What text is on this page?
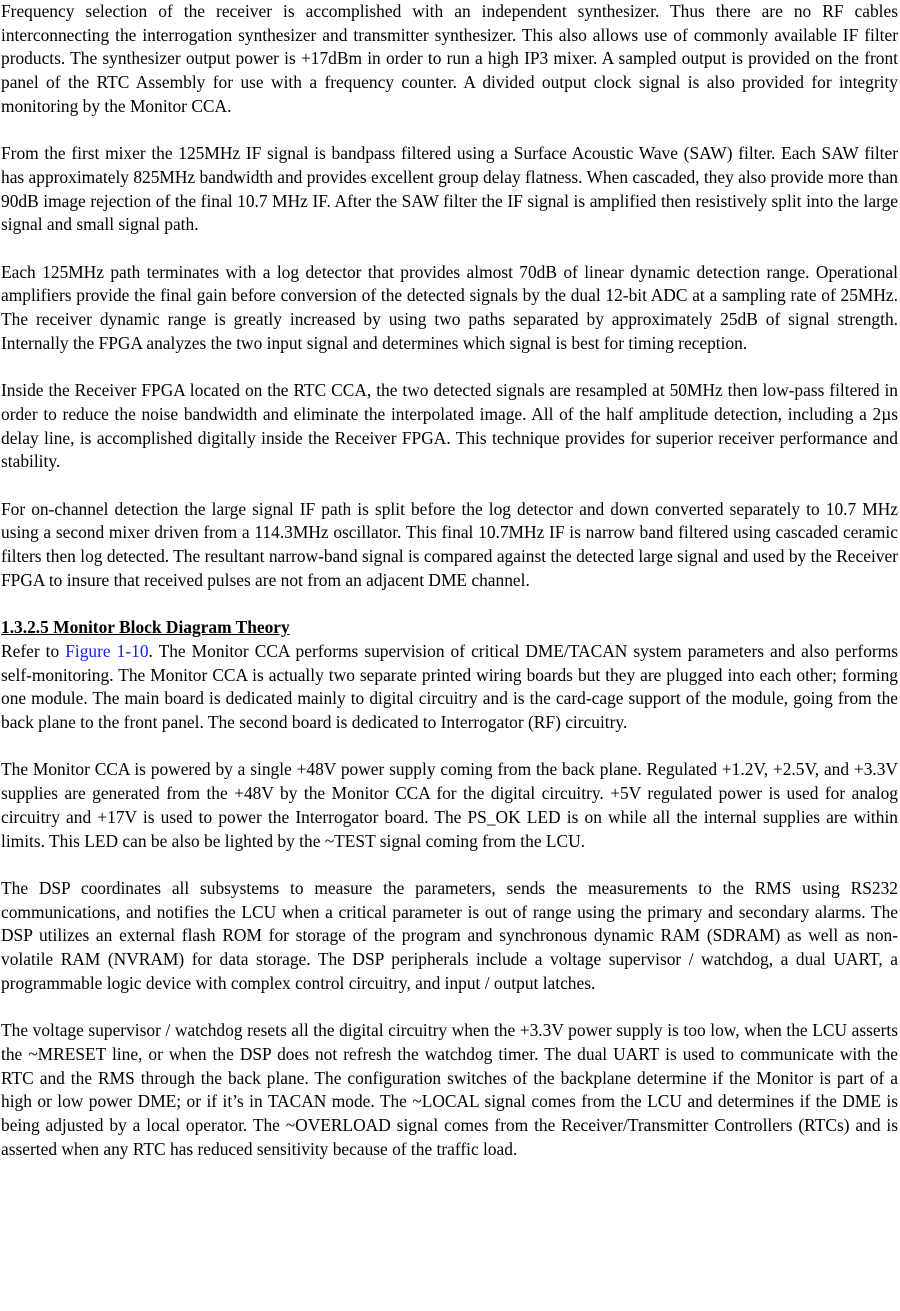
Frequency selection of the receiver is accomplished with an independent synthesizer. Thus there are no RF cables interconnecting the interrogation synthesizer and transmitter synthesizer. This also allows use of commonly available IF filter products. The synthesizer output power is +17dBm in order to run a high IP3 mixer. A sampled output is provided on the front panel of the RTC Assembly for use with a frequency counter. A divided output clock signal is also provided for integrity monitoring by the Monitor CCA.

From the first mixer the 125MHz IF signal is bandpass filtered using a Surface Acoustic Wave (SAW) filter. Each SAW filter has approximately 825MHz bandwidth and provides excellent group delay flatness. When cascaded, they also provide more than 90dB image rejection of the final 10.7 MHz IF. After the SAW filter the IF signal is amplified then resistively split into the large signal and small signal path.

Each 125MHz path terminates with a log detector that provides almost 70dB of linear dynamic detection range. Operational amplifiers provide the final gain before conversion of the detected signals by the dual 12-bit ADC at a sampling rate of 25MHz. The receiver dynamic range is greatly increased by using two paths separated by approximately 25dB of signal strength. Internally the FPGA analyzes the two input signal and determines which signal is best for timing reception.

Inside the Receiver FPGA located on the RTC CCA, the two detected signals are resampled at 50MHz then low-pass filtered in order to reduce the noise bandwidth and eliminate the interpolated image. All of the half amplitude detection, including a 2µs delay line, is accomplished digitally inside the Receiver FPGA. This technique provides for superior receiver performance and stability.

For on-channel detection the large signal IF path is split before the log detector and down converted separately to 10.7 MHz using a second mixer driven from a 114.3MHz oscillator. This final 10.7MHz IF is narrow band filtered using cascaded ceramic filters then log detected. The resultant narrow-band signal is compared against the detected large signal and used by the Receiver FPGA to insure that received pulses are not from an adjacent DME channel.

1.3.2.5 Monitor Block Diagram Theory

Refer to Figure 1-10. The Monitor CCA performs supervision of critical DME/TACAN system parameters and also performs self-monitoring. The Monitor CCA is actually two separate printed wiring boards but they are plugged into each other; forming one module. The main board is dedicated mainly to digital circuitry and is the card-cage support of the module, going from the back plane to the front panel. The second board is dedicated to Interrogator (RF) circuitry.

The Monitor CCA is powered by a single +48V power supply coming from the back plane. Regulated +1.2V, +2.5V, and +3.3V supplies are generated from the +48V by the Monitor CCA for the digital circuitry. +5V regulated power is used for analog circuitry and +17V is used to power the Interrogator board. The PS_OK LED is on while all the internal supplies are within limits. This LED can be also be lighted by the ~TEST signal coming from the LCU.

The DSP coordinates all subsystems to measure the parameters, sends the measurements to the RMS using RS232 communications, and notifies the LCU when a critical parameter is out of range using the primary and secondary alarms. The DSP utilizes an external flash ROM for storage of the program and synchronous dynamic RAM (SDRAM) as well as non-volatile RAM (NVRAM) for data storage. The DSP peripherals include a voltage supervisor / watchdog, a dual UART, a programmable logic device with complex control circuitry, and input / output latches.

The voltage supervisor / watchdog resets all the digital circuitry when the +3.3V power supply is too low, when the LCU asserts the ~MRESET line, or when the DSP does not refresh the watchdog timer. The dual UART is used to communicate with the RTC and the RMS through the back plane. The configuration switches of the backplane determine if the Monitor is part of a high or low power DME; or if it’s in TACAN mode. The ~LOCAL signal comes from the LCU and determines if the DME is being adjusted by a local operator. The ~OVERLOAD signal comes from the Receiver/Transmitter Controllers (RTCs) and is asserted when any RTC has reduced sensitivity because of the traffic load.
